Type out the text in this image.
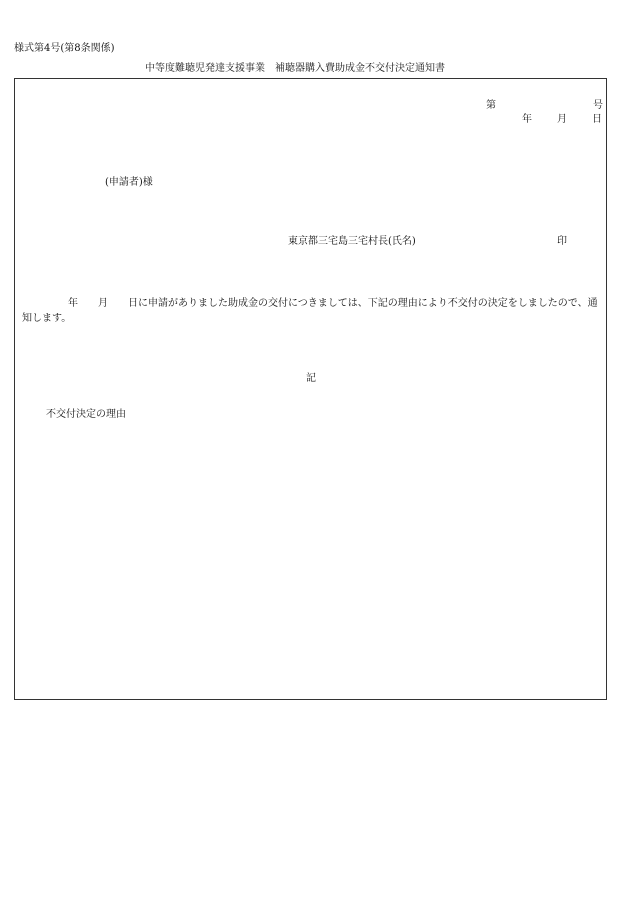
様式第4号(第8条関係)
中等度難聴児発達支援事業　補聴器購入費助成金不交付決定通知書
第	号
年	月	日
(申請者)様
東京都三宅島三宅村長(氏名)	印
年　　月　　日に申請がありました助成金の交付につきましては、下記の理由により不交付の決定をしましたので、通知します。
記
不交付決定の理由
